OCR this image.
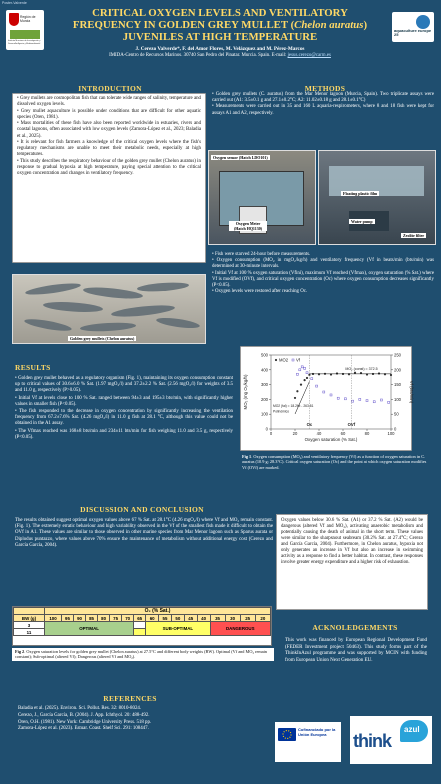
Poster-Valverde
Región de Murcia
Instituto Murciano de Investigación y Desarrollo Agrario y Medioambiental
aquaculture europe 25
CRITICAL OXYGEN LEVELS AND VENTILATORY
FREQUENCY IN GOLDEN GREY MULLET (Chelon auratus)
JUVENILES AT HIGH TEMPERATURE
J. Cerezo Valverde*, F. del Amor Flores, M. Velázquez and M. Pérez-Marcos
IMIDA-Centro de Recursos Marinos. 30740 San Pedro del Pinatar. Murcia. Spain. E-mail: jesus.cerezo@carm.es
INTRODUCTION

• Grey mullets are cosmopolitan fish that can tolerate wide ranges of salinity, temperature and dissolved oxygen levels.

• Grey mullet aquaculture is possible under conditions that are difficult for other aquatic species (Oren, 1981).

• Mass mortalities of these fish have also been reported worldwide in estuaries, rivers and coastal lagoons, often associated with low oxygen levels (Zamora-López et al., 2023; Baladia et al., 2025).

• It is relevant for fish farmers a knowledge of the critical oxygen levels where the fish's regulatory mechanisms are unable to meet their metabolic needs, especially at high temperatures.

• This study describes the respiratory behaviour of the golden grey mullet (Chelon auratus) in response to gradual hypoxia at high temperature, paying special attention to the critical oxygen concentration and changes in ventilatory frequency.

Golden grey mullets (Chelon auratus)
METHODS

• Golden grey mullets (C. auratus) from the Mar Menor lagoon (Murcia, Spain). Two triplicate assays were carried out (A1: 3.5±0.1 g and 27.1±0.2°C; A2: 11.02±0.18 g and 28.1±0.1°C)

• Measurements were carried out in 35 and 160 L aquaria-respirometers, where 8 and 18 fish were kept for assays A1 and A2, respectively.

Oxygen sensor (Hatch LDO101)
Oxygen Meter (Hatch HQ1130)
Floating plastic film
Water pump
Zeolite filter

• Fish were starved 24-hour before measurements.

• Oxygen consumption (MO₂ in mgO₂/kg/h) and ventilatory frequency (Vf in beats/min (bts/min) was determined at 30-minute intervals.

• Initial Vf at 100 % oxygen saturation (Vfini), maximum Vf reached (Vfmax), oxygen saturation (% Sat.) where Vf is modified (OVf), and critical oxygen concentration (Oc) where oxygen consumption decreases significantly (P<0.05).

• Oxygen levels were restored after reaching Oc.

0	20	40	60	80	100
0
100
200
300
400
500
0
50
100
150
200
250
Oxygen saturation (% Sat.)
MO₂ (mg O₂/kg/h)	Vf (bts/min)
MO2 Vf
MO₂ (const) = 372.5
MO2 (fal) = 18.26x - 263.81
Polinómico
Oc	OVf
Fig 1. Oxygen consumption (MO₂) and ventilatory frequency (Vf) as a function of oxygen saturation in C. auratus (10.9 g; 28.3°C). Critical oxygen saturation (Oc) and the point at which oxygen saturation modifies Vf (OVf) are marked.
RESULTS

• Golden grey mullet behaved as a regulatory organism (Fig. 1), maintaining its oxygen consumption constant up to critical values of 30.6±6.0 % Sat. (1.97 mgO₂/l) and 37.2±2.2 % Sat. (2.56 mgO₂/l) for weights of 3.5 and 11.0 g, respectively (P>0.05).

• Initial Vf at levels close to 100 % Sat. ranged between 94±3 and 195±3 bts/min, with significantly higher values in smaller fish (P<0.05).

• The fish responded to the decrease in oxygen concentration by significantly increasing the ventilation frequency from 67.2±7.6% Sat. (4.26 mgO₂/l) in 11.0 g fish at 28.1 °C, although this value could not be obtained in the A1 assay.

• The Vfmax reached was 168±8 bts/min and 234±11 bts/min for fish weighing 11.0 and 3.5 g, respectively (P<0.05).

DISCUSSION AND CONCLUSION
The results obtained suggest optimal oxygen values above 67 % Sat. at 28.1°C (4.26 mgO₂/l) where Vf and MO₂ remain constant. (Fig. 1). The extremely erratic behaviour and high variability observed in the Vf of the smallest fish made it difficult to obtain the OVf in A1. These values are similar to those observed in other marine species from Mar Menor lagoon such as Sparus aurata or Diplodus puntazzo, where values above 70% ensure the maintenance of metabolism without additional energy cost (Cerezo and García García, 2004).
Oxygen values below 30.6 % Sat. (A1) or 37.2 % Sat. (A2) would be dangerous (altered Vf and MO₂), activating anaerobic metabolism and potentially causing the death of animal in the short term. These values were similar to the sharpsnout seabream (30.2% Sat. at 27.4°C; Cerezo and García García, 2004). Furthermore, in Chelon auratus, hypoxia not only generates an increase in Vf but also an increase in swimming activity as a response to find a better habitat. In contrast, these responses involve greater energy expenditure and a higher risk of exhaustion.
	O₂ (% Sat.)																
BW (g)	100	95	90	85	80	75	70	65	60	55	50	45	40	35	30	25	20
3	OPTIMAL								SUB-OPTIMAL					DANGEROUS			
11																	
Fig 2. Oxygen saturation levels for golden grey mullet (Chelon auratus) at 27.5°C and different body weights (BW). Optimal (Vf and MO₂ remain constant); Sub-optimal (altered Vf); Dangerous (altered Vf and MO₂).
ACKNOLEDGEMENTS
This work was financed by European Regional Development Fund (FEDER Investment project 50463). This study forms part of the ThinkInAzul programme and was supported by MCIN with funding from European Union Next Generation EU.
REFERENCES
Baladia et al. (2025). Environ. Sci. Pollut. Res. 32: 8010-8024.
Cerezo, J., García García, B. (2004). J. App. Ichthyol. 20: 488-492.
Oren, O.H. (1981). New York: Cambridge University Press. 518 pp.
Zamora-López et al. (2023). Estuar. Coast. Shelf Sci. 291: 108447.	Cofinanciado por la Unión Europea	think
azul
